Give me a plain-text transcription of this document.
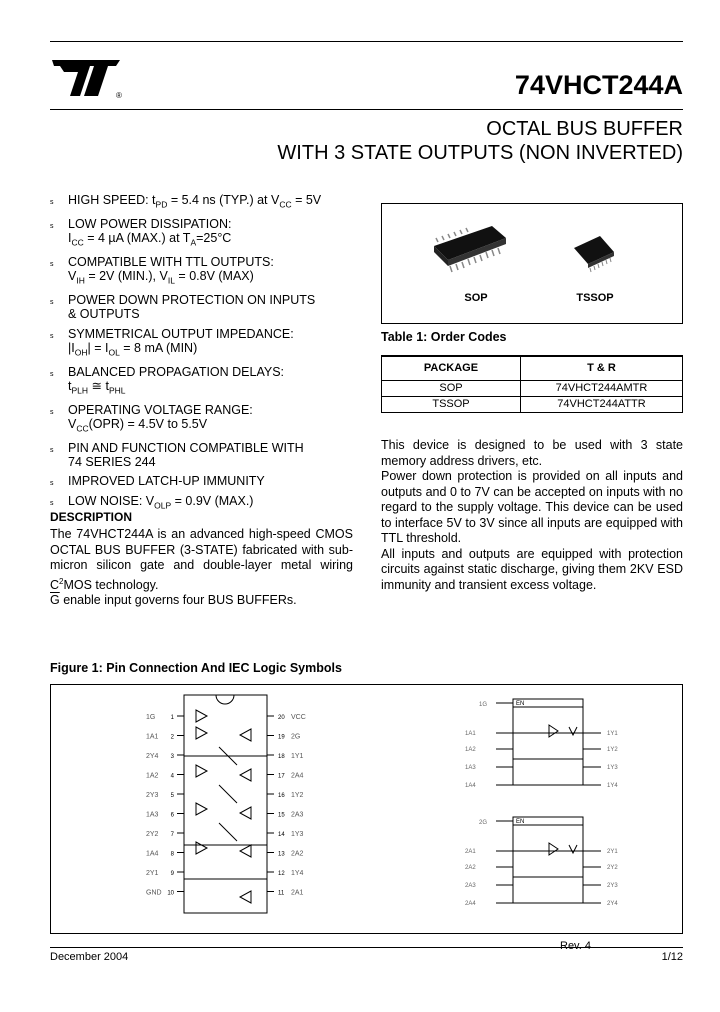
®	74VHCT244A
OCTAL BUS BUFFER
WITH 3 STATE OUTPUTS (NON INVERTED)
s HIGH SPEED: $t_{PD} = 5.4$ ns (TYP.) at $V_{CC} = 5V$
s LOW POWER DISSIPATION:
$I_{CC} = 4$ µA (MAX.) at $T_A=25^\circ C$
s COMPATIBLE WITH TTL OUTPUTS:
$V_{IH} = 2V$ (MIN.), $V_{IL} = 0.8V$ (MAX)
s POWER DOWN PROTECTION ON INPUTS
& OUTPUTS
s SYMMETRICAL OUTPUT IMPEDANCE:
$|I_{OH}| = I_{OL} = 8$ mA (MIN)
s BALANCED PROPAGATION DELAYS:
$t_{PLH}$ ≅ $t_{PHL}$
s OPERATING VOLTAGE RANGE:
$V_{CC}(OPR) = 4.5V$ to 5.5V
s PIN AND FUNCTION COMPATIBLE WITH
74 SERIES 244
s IMPROVED LATCH-UP IMMUNITY
s LOW NOISE: $V_{OLP} = 0.9V$ (MAX.)
DESCRIPTION
The 74VHCT244A is an advanced high-speed CMOS OCTAL BUS BUFFER (3-STATE) fabricated with sub-micron silicon gate and double-layer metal wiring $C^2MOS$ technology.
$\overline{G}$ enable input governs four BUS BUFFERs.
SOP	TSSOP
Table 1: Order Codes
PACKAGE	T & R
SOP	74VHCT244AMTR
TSSOP	74VHCT244ATTR
This device is designed to be used with 3 state memory address drivers, etc.
Power down protection is provided on all inputs and outputs and 0 to 7V can be accepted on inputs with no regard to the supply voltage. This device can be used to interface 5V to 3V since all inputs are equipped with TTL threshold.
All inputs and outputs are equipped with protection circuits against static discharge, giving them 2KV ESD immunity and transient excess voltage.
Figure 1: Pin Connection And IEC Logic Symbols
1G	1	20 VCC
1A1 2	19 2G
2Y4 3	18 1Y1
1A2 4	17 2A4
2Y3 5	16 1Y2
1A3 6	15 2A3
2Y2 7	14 1Y3
1A4 8	13 2A2
2Y1 9	12 1Y4
GND 10	11 2A1
EN
EN
1G
2G
1A1	1Y1
2A1	2Y1
1A2	1Y2
2A2	2Y2
1A3	1Y3
2A3	2Y3
1A4	1Y4
2A4	2Y4
Rev. 4
December 2004	1/12
